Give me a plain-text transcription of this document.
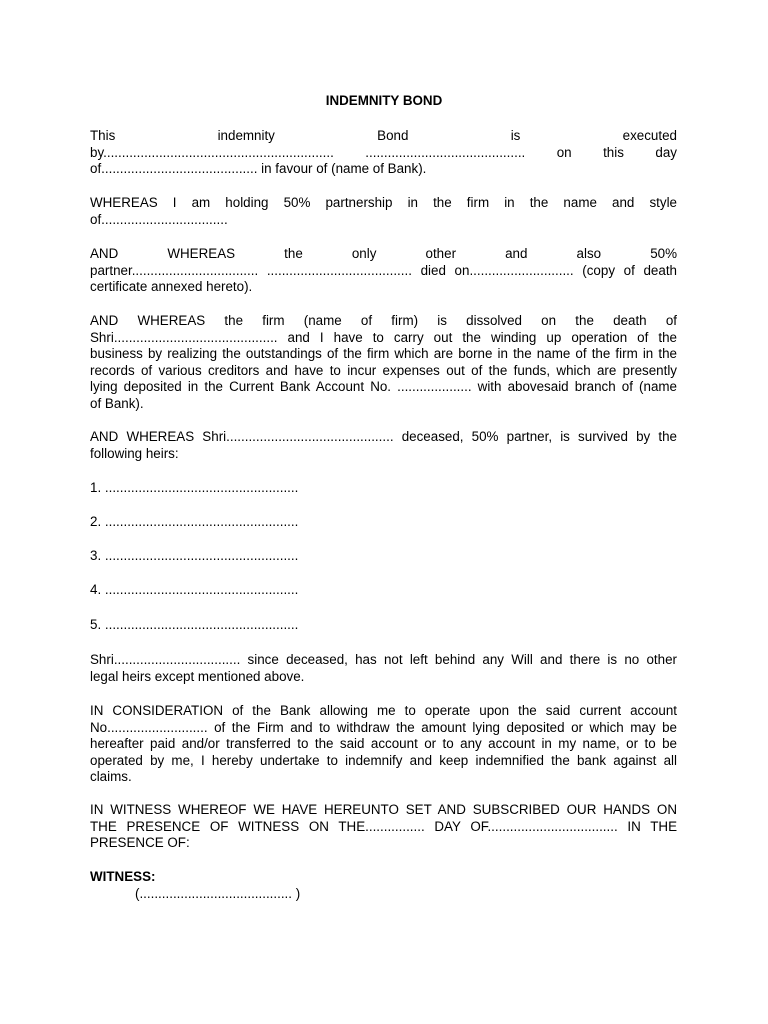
INDEMNITY BOND
This indemnity Bond is executed
by.............................................................. ........................................... on this day
of.......................................... in favour of (name of Bank).
WHEREAS I am holding 50% partnership in the firm in the name and style
of..................................
AND WHEREAS the only other and also 50%
partner.................................. ....................................... died on............................ (copy of death
certificate annexed hereto).
AND WHEREAS the firm (name of firm) is dissolved on the death of
Shri............................................ and I have to carry out the winding up operation of the
business by realizing the outstandings of the firm which are borne in the name of the firm in the
records of various creditors and have to incur expenses out of the funds, which are presently
lying deposited in the Current Bank Account No. .................... with abovesaid branch of (name
of Bank).
AND WHEREAS Shri............................................. deceased, 50% partner, is survived by the
following heirs:
1. ....................................................
2. ....................................................
3. ....................................................
4. ....................................................
5. ....................................................
Shri.................................. since deceased, has not left behind any Will and there is no other
legal heirs except mentioned above.
IN CONSIDERATION of the Bank allowing me to operate upon the said current account
No........................... of the Firm and to withdraw the amount lying deposited or which may be
hereafter paid and/or transferred to the said account or to any account in my name, or to be
operated by me, I hereby undertake to indemnify and keep indemnified the bank against all
claims.
IN WITNESS WHEREOF WE HAVE HEREUNTO SET AND SUBSCRIBED OUR HANDS ON
THE PRESENCE OF WITNESS ON THE................ DAY OF................................... IN THE
PRESENCE OF:
WITNESS:
(......................................... )
